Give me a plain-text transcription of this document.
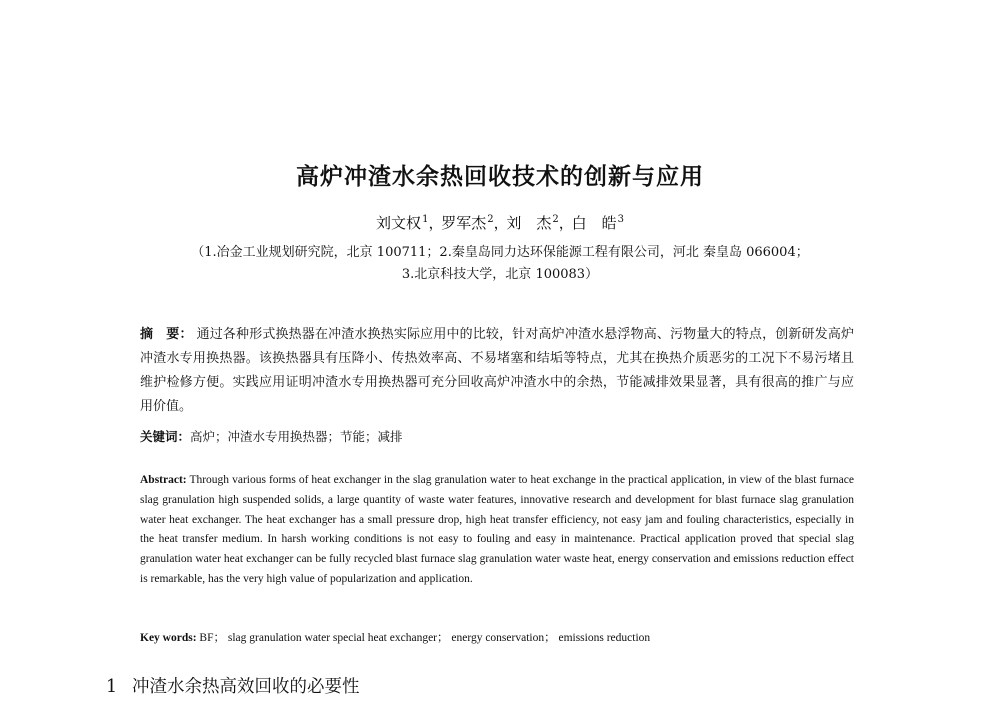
高炉冲渣水余热回收技术的创新与应用
刘文权$^1$， 罗军杰$^2$， 刘　杰$^2$， 白　皓$^3$
（1.冶金工业规划研究院，北京 100711；2.秦皇岛同力达环保能源工程有限公司，河北 秦皇岛 066004；
3.北京科技大学，北京 100083）
摘　要： 通过各种形式换热器在冲渣水换热实际应用中的比较，针对高炉冲渣水悬浮物高、污物量大的特点，创新研发高炉冲渣水专用换热器。该换热器具有压降小、传热效率高、不易堵塞和结垢等特点，尤其在换热介质恶劣的工况下不易污堵且维护检修方便。实践应用证明冲渣水专用换热器可充分回收高炉冲渣水中的余热，节能减排效果显著，具有很高的推广与应用价值。
关键词：高炉；冲渣水专用换热器；节能；减排
Abstract: Through various forms of heat exchanger in the slag granulation water to heat exchange in the practical application, in view of the blast furnace slag granulation high suspended solids, a large quantity of waste water features, innovative research and development for blast furnace slag granulation water heat exchanger. The heat exchanger has a small pressure drop, high heat transfer efficiency, not easy jam and fouling characteristics, especially in the heat transfer medium. In harsh working conditions is not easy to fouling and easy in maintenance. Practical application proved that special slag granulation water heat exchanger can be fully recycled blast furnace slag granulation water waste heat, energy conservation and emissions reduction effect is remarkable, has the very high value of popularization and application.
Key words: BF； slag granulation water special heat exchanger； energy conservation； emissions reduction
1 冲渣水余热高效回收的必要性
